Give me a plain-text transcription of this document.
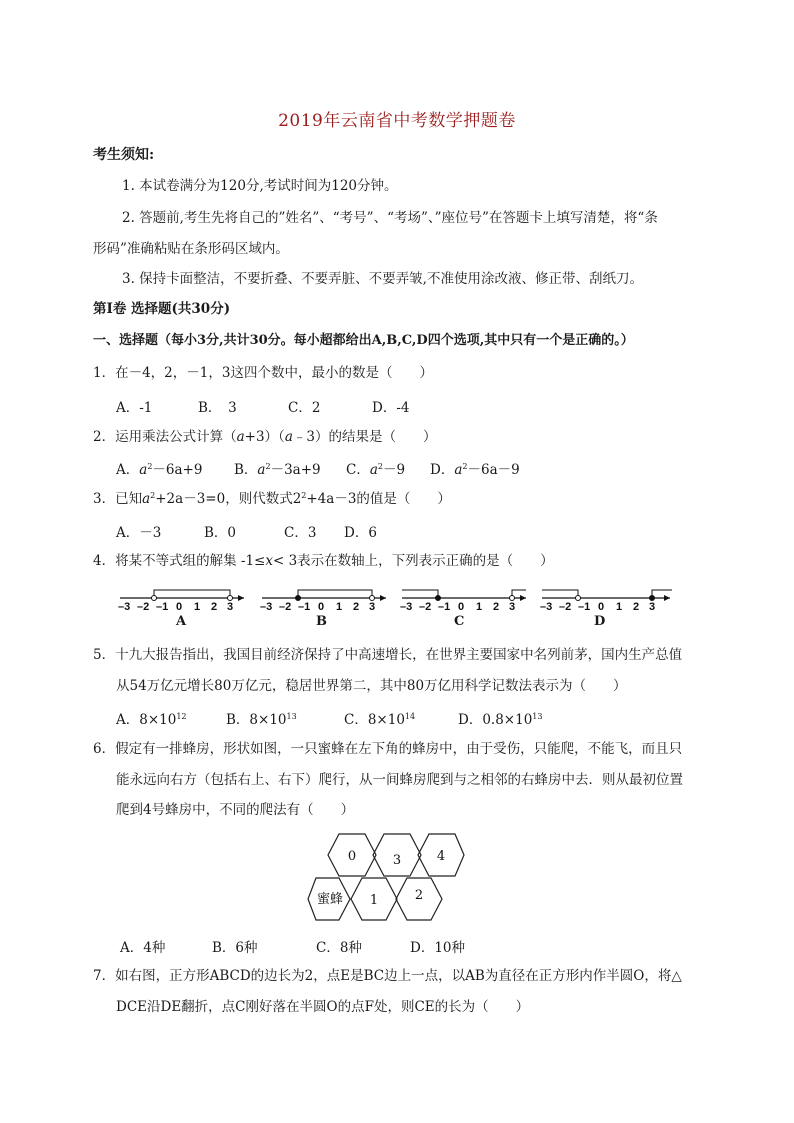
2019年云南省中考数学押题卷
考生须知:
1. 本试卷满分为120分,考试时间为120分钟。
2. 答题前,考生先将自己的”姓名”、“考号”、“考场”、”座位号”在答题卡上填写清楚，将“条
形码”准确粘贴在条形码区域内。
3. 保持卡面整洁，不要折叠、不要弄脏、不要弄皱,不准使用涂改液、修正带、刮纸刀。
第Ⅰ卷 选择题(共30分)
一、选择题（每小3分,共计30分。每小超都给出A,B,C,D四个选项,其中只有一个是正确的。）
1．在－4，2，－1，3这四个数中，最小的数是（　　）
A．-1	B．　3	C．2	D．-4
2．运用乘法公式计算（a+3）（a﹣3）的结果是（　　）
A．$a^2-6a+9$ B．$a^2-3a+9$ C．$a^2-9$ D．$a^2-6a-9$
3．已知$a^2+2a-3=0$，则代数式$2^2+4a-3$的值是（　　）
A．－3	B．0	C．3 D．6
4．将某不等式组的解集 -1≤x< 3表示在数轴上，下列表示正确的是（　　）
–3 –2 –1 0 1 2 3
A
–3 –2 –1 0 1 2 3
B
–3 –2 –1 0 1 2 3
C
–3 –2 –1 0 1 2 3
D
5．十九大报告指出，我国目前经济保持了中高速增长，在世界主要国家中名列前茅，国内生产总值
从54万亿元增长80万亿元，稳居世界第二，其中80万亿用科学记数法表示为（　　）
A．$8\times 10^{12}$	B．$8\times 10^{13}$	C．$8\times 10^{14}$	D．$0.8\times 10^{13}$
6．假定有一排蜂房，形状如图，一只蜜蜂在左下角的蜂房中，由于受伤，只能爬，不能飞，而且只
能永远向右方（包括右上、右下）爬行，从一间蜂房爬到与之相邻的右蜂房中去．则从最初位置
爬到4号蜂房中，不同的爬法有（　　）
0	3	4
蜜蜂 1	2
A．4种	B．6种	C．8种	D．10种
7．如右图，正方形ABCD的边长为2，点E是BC边上一点，以AB为直径在正方形内作半圆O，将△
DCE沿DE翻折，点C刚好落在半圆O的点F处，则CE的长为（　　）
